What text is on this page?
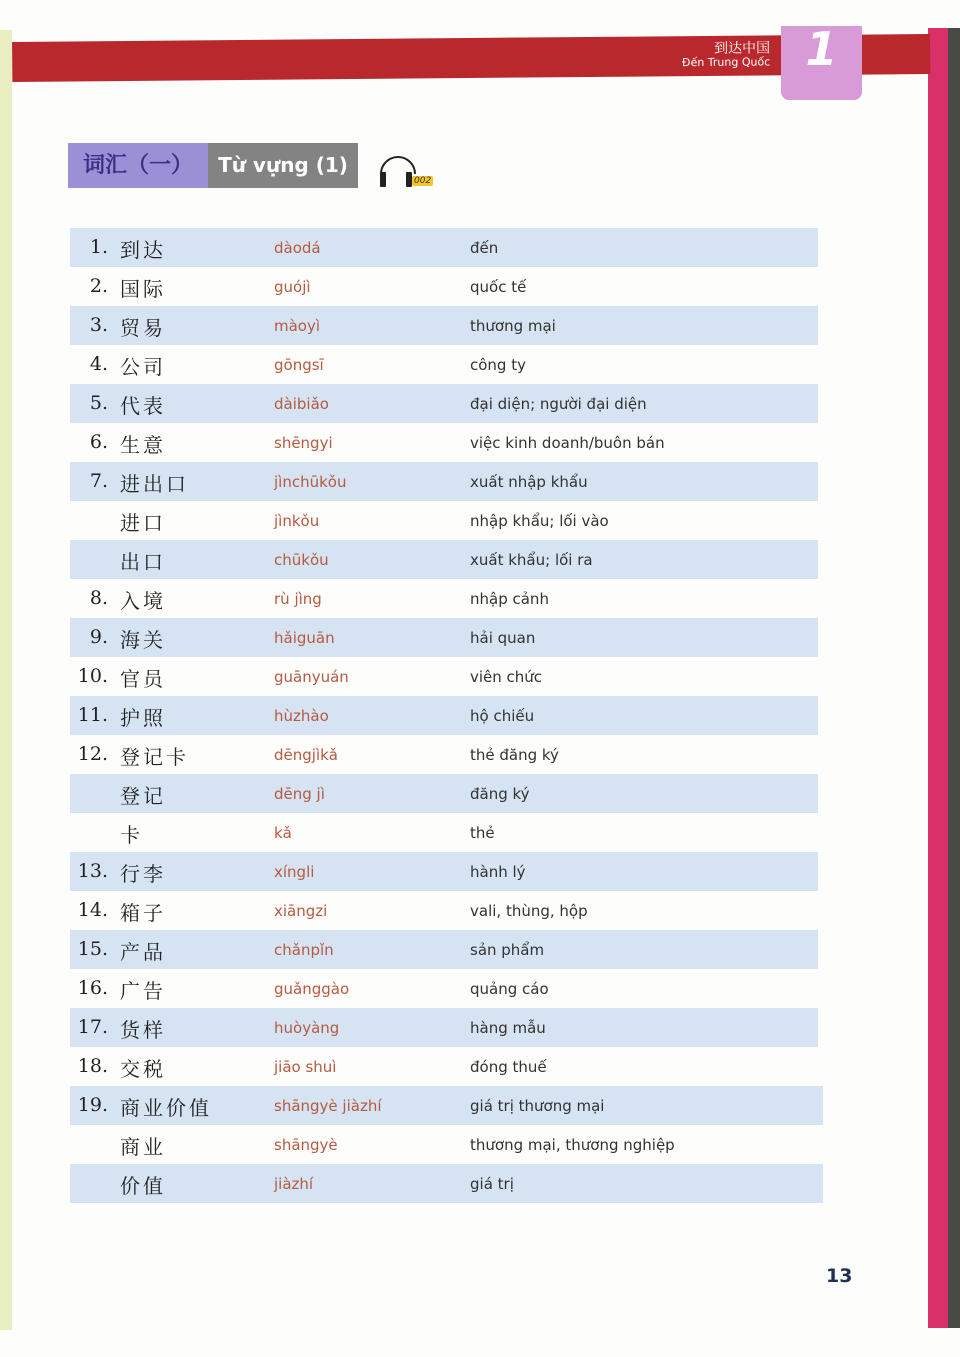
到达中国
Đến Trung Quốc 1
词汇（一）	Từ vựng (1)
002
1. 到达	dàodá	đến
2. 国际	guójì	quốc tế
3. 贸易	màoyì	thương mại
4. 公司	gōngsī	công ty
5. 代表	dàibiǎo	đại diện; người đại diện
6. 生意	shēngyi	việc kinh doanh/buôn bán
7. 进出口	jìnchūkǒu	xuất nhập khẩu
进口	jìnkǒu	nhập khẩu; lối vào
出口	chūkǒu	xuất khẩu; lối ra
8. 入境	rù jìng	nhập cảnh
9. 海关	hǎiguān	hải quan
10. 官员	guānyuán	viên chức
11. 护照	hùzhào	hộ chiếu
12. 登记卡	dēngjìkǎ	thẻ đăng ký
登记	dēng jì	đăng ký
卡	kǎ	thẻ
13. 行李	xíngli	hành lý
14. 箱子	xiāngzi	vali, thùng, hộp
15. 产品	chǎnpǐn	sản phẩm
16. 广告	guǎnggào	quảng cáo
17. 货样	huòyàng	hàng mẫu
18. 交税	jiāo shuì	đóng thuế
19. 商业价值	shāngyè jiàzhí	giá trị thương mại
商业	shāngyè	thương mại, thương nghiệp
价值	jiàzhí	giá trị
13
